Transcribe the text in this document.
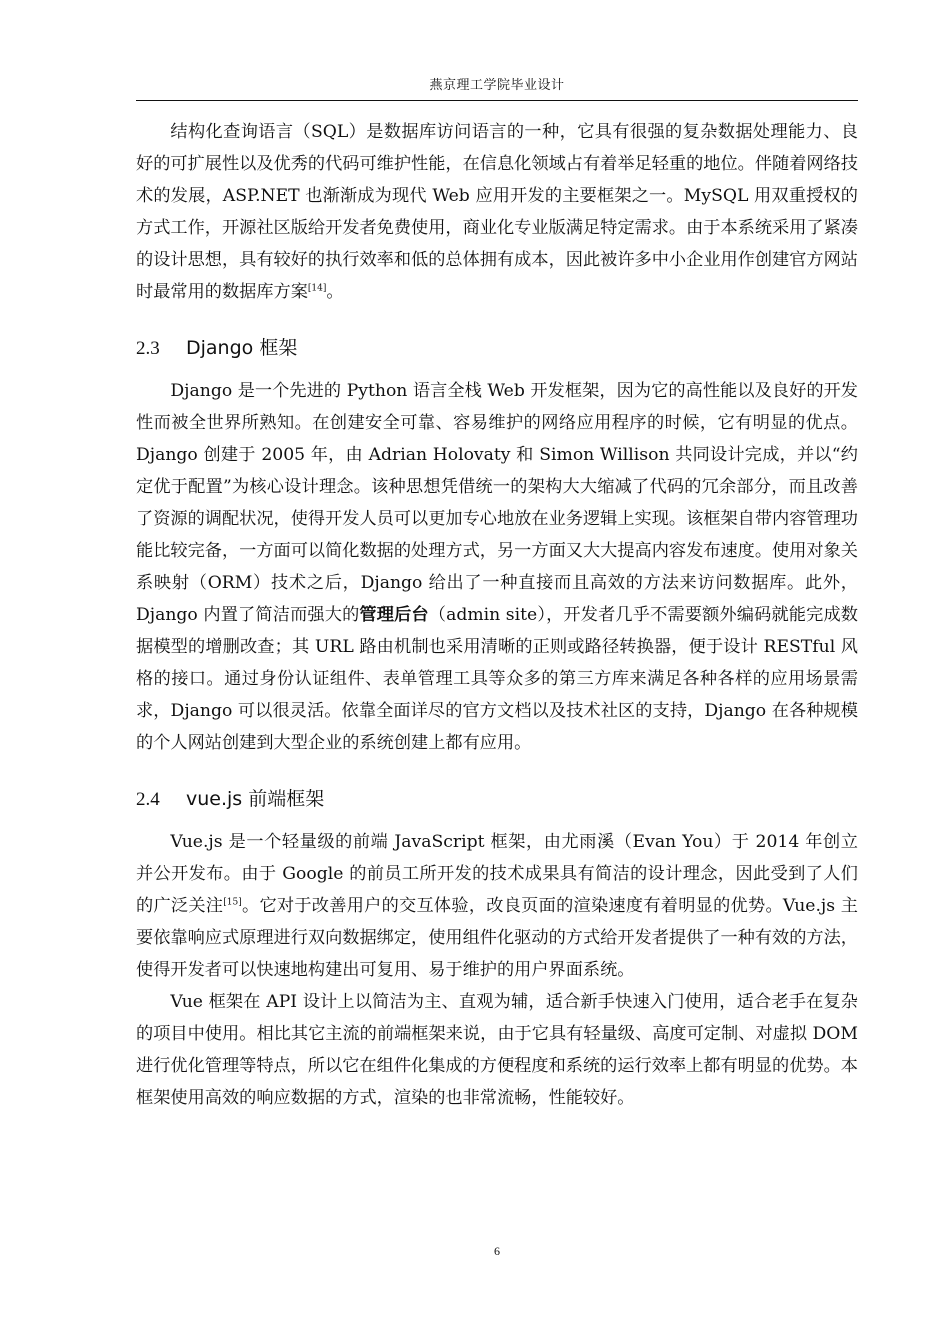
燕京理工学院毕业设计

结构化查询语言（SQL）是数据库访问语言的一种，它具有很强的复杂数据处理能力、良好的可扩展性以及优秀的代码可维护性能，在信息化领域占有着举足轻重的地位。伴随着网络技术的发展，ASP.NET 也渐渐成为现代 Web 应用开发的主要框架之一。MySQL 用双重授权的方式工作，开源社区版给开发者免费使用，商业化专业版满足特定需求。由于本系统采用了紧凑的设计思想，具有较好的执行效率和低的总体拥有成本，因此被许多中小企业用作创建官方网站时最常用的数据库方案[14]。

2.3 Django 框架

Django 是一个先进的 Python 语言全栈 Web 开发框架，因为它的高性能以及良好的开发性而被全世界所熟知。在创建安全可靠、容易维护的网络应用程序的时候，它有明显的优点。Django 创建于 2005 年，由 Adrian Holovaty 和 Simon Willison 共同设计完成，并以“约定优于配置”为核心设计理念。该种思想凭借统一的架构大大缩减了代码的冗余部分，而且改善了资源的调配状况，使得开发人员可以更加专心地放在业务逻辑上实现。该框架自带内容管理功能比较完备，一方面可以简化数据的处理方式，另一方面又大大提高内容发布速度。使用对象关系映射（ORM）技术之后，Django 给出了一种直接而且高效的方法来访问数据库。此外，Django 内置了简洁而强大的管理后台（admin site），开发者几乎不需要额外编码就能完成数据模型的增删改查；其 URL 路由机制也采用清晰的正则或路径转换器，便于设计 RESTful 风格的接口。通过身份认证组件、表单管理工具等众多的第三方库来满足各种各样的应用场景需求，Django 可以很灵活。依靠全面详尽的官方文档以及技术社区的支持，Django 在各种规模的个人网站创建到大型企业的系统创建上都有应用。

2.4 vue.js 前端框架

Vue.js 是一个轻量级的前端 JavaScript 框架，由尤雨溪（Evan You）于 2014 年创立并公开发布。由于 Google 的前员工所开发的技术成果具有简洁的设计理念，因此受到了人们的广泛关注[15]。它对于改善用户的交互体验，改良页面的渲染速度有着明显的优势。Vue.js 主要依靠响应式原理进行双向数据绑定，使用组件化驱动的方式给开发者提供了一种有效的方法，使得开发者可以快速地构建出可复用、易于维护的用户界面系统。

Vue 框架在 API 设计上以简洁为主、直观为辅，适合新手快速入门使用，适合老手在复杂的项目中使用。相比其它主流的前端框架来说，由于它具有轻量级、高度可定制、对虚拟 DOM 进行优化管理等特点，所以它在组件化集成的方便程度和系统的运行效率上都有明显的优势。本框架使用高效的响应数据的方式，渲染的也非常流畅，性能较好。

6
